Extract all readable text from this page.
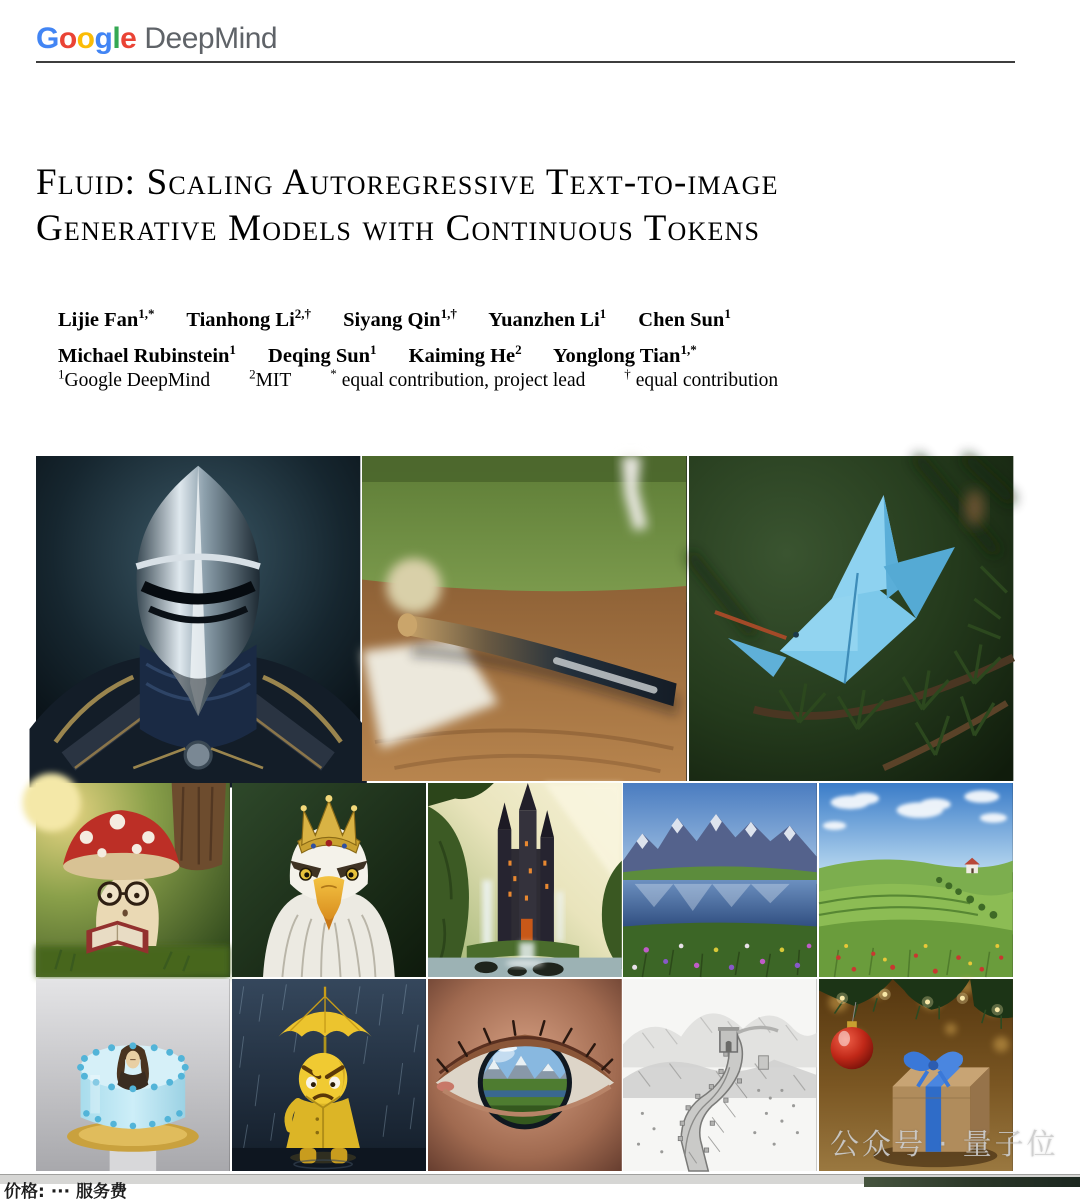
Google DeepMind
Fluid: Scaling Autoregressive Text-to-image
Generative Models with Continuous Tokens
Lijie Fan$^{1,*}$ Tianhong $Li^{2,\dagger}$ Siyang Qin$^{1,\dagger}$ Yuanzhen Li$^1$ Chen Sun$^1$
Michael Rubinstein$^1$ Deqing Sun$^1$ Kaiming He$^2$ Yonglong Tian$^{1,*}$
$^1$Google DeepMind	$^2$MIT	* equal contribution, project lead	† equal contribution
公众号 · 量子位
价格: ··· 服务费
